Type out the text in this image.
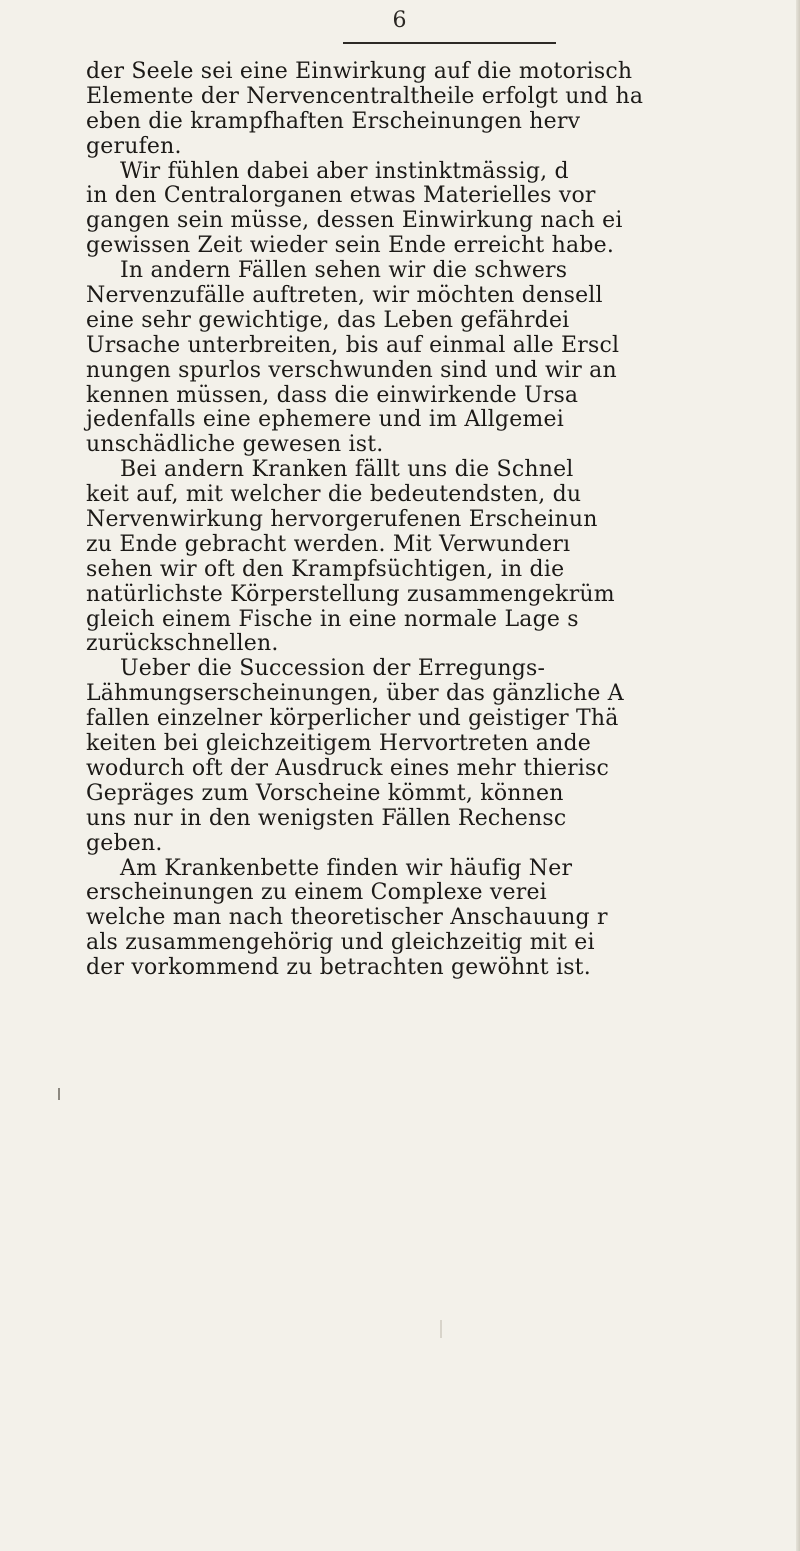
6
der Seele sei eine Einwirkung auf die motorisch
Elemente der Nervencentraltheile erfolgt und ha
eben die krampfhaften Erscheinungen herv
gerufen.
Wir fühlen dabei aber instinktmässig, d
in den Centralorganen etwas Materielles vor
gangen sein müsse, dessen Einwirkung nach ei
gewissen Zeit wieder sein Ende erreicht habe.
In andern Fällen sehen wir die schwers
Nervenzufälle auftreten, wir möchten densell
eine sehr gewichtige, das Leben gefährdei
Ursache unterbreiten, bis auf einmal alle Erscl
nungen spurlos verschwunden sind und wir an
kennen müssen, dass die einwirkende Ursa
jedenfalls eine ephemere und im Allgemei
unschädliche gewesen ist.
Bei andern Kranken fällt uns die Schnel
keit auf, mit welcher die bedeutendsten, du
Nervenwirkung hervorgerufenen Erscheinun
zu Ende gebracht werden. Mit Verwunderı
sehen wir oft den Krampfsüchtigen, in die
natürlichste Körperstellung zusammengekrüm
gleich einem Fische in eine normale Lage s
zurückschnellen.
Ueber die Succession der Erregungs-
Lähmungserscheinungen, über das gänzliche A
fallen einzelner körperlicher und geistiger Thä
keiten bei gleichzeitigem Hervortreten ande
wodurch oft der Ausdruck eines mehr thierisc
Gepräges zum Vorscheine kömmt, können
uns nur in den wenigsten Fällen Rechensc
geben.
Am Krankenbette finden wir häufig Ner
erscheinungen zu einem Complexe verei
welche man nach theoretischer Anschauung r
als zusammengehörig und gleichzeitig mit ei
der vorkommend zu betrachten gewöhnt ist.
